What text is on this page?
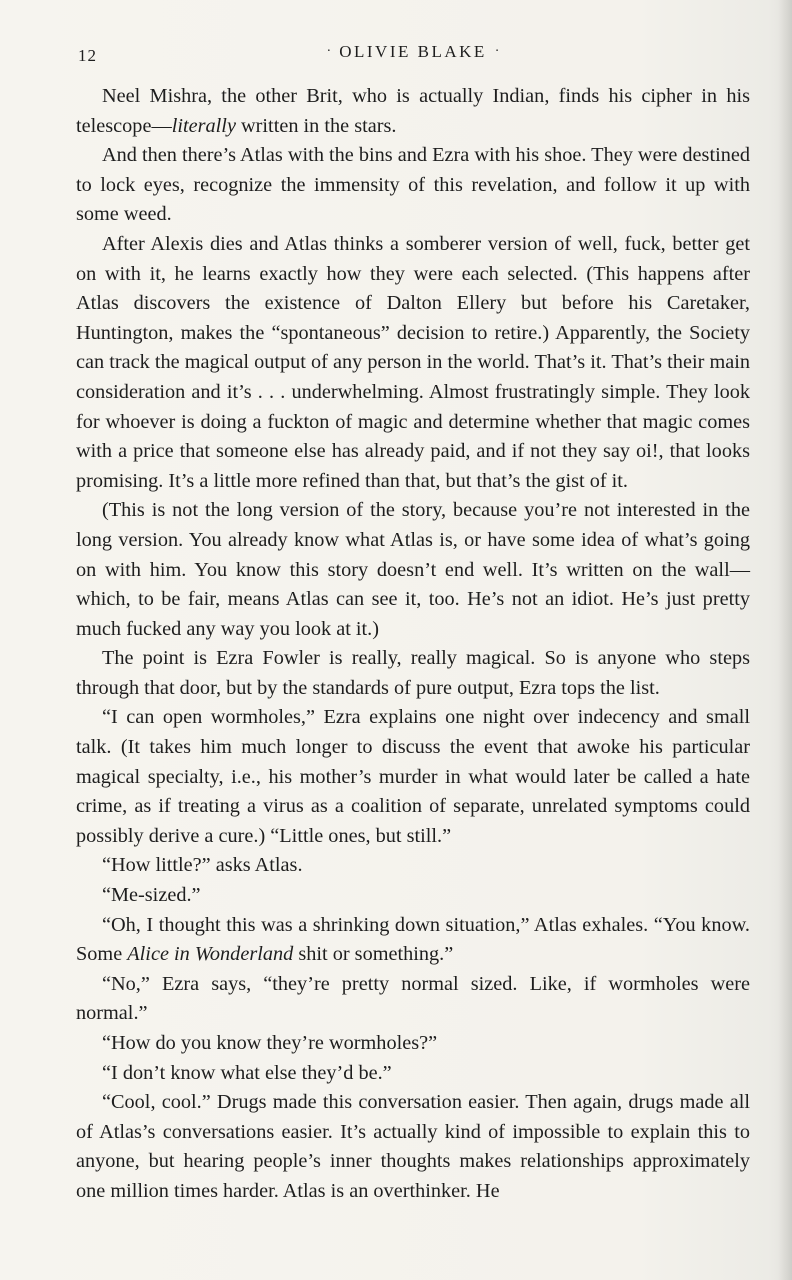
12	· OLIVIE BLAKE ·

Neel Mishra, the other Brit, who is actually Indian, finds his cipher in his telescope—literally written in the stars.

And then there’s Atlas with the bins and Ezra with his shoe. They were destined to lock eyes, recognize the immensity of this revelation, and follow it up with some weed.

After Alexis dies and Atlas thinks a somberer version of well, fuck, better get on with it, he learns exactly how they were each selected. (This happens after Atlas discovers the existence of Dalton Ellery but before his Caretaker, Huntington, makes the “spontaneous” decision to retire.) Apparently, the Society can track the magical output of any person in the world. That’s it. That’s their main consideration and it’s . . . underwhelming. Almost frustratingly simple. They look for whoever is doing a fuckton of magic and determine whether that magic comes with a price that someone else has already paid, and if not they say oi!, that looks promising. It’s a little more refined than that, but that’s the gist of it.

(This is not the long version of the story, because you’re not interested in the long version. You already know what Atlas is, or have some idea of what’s going on with him. You know this story doesn’t end well. It’s written on the wall—which, to be fair, means Atlas can see it, too. He’s not an idiot. He’s just pretty much fucked any way you look at it.)

The point is Ezra Fowler is really, really magical. So is anyone who steps through that door, but by the standards of pure output, Ezra tops the list.

“I can open wormholes,” Ezra explains one night over indecency and small talk. (It takes him much longer to discuss the event that awoke his particular magical specialty, i.e., his mother’s murder in what would later be called a hate crime, as if treating a virus as a coalition of separate, unrelated symptoms could possibly derive a cure.) “Little ones, but still.”

“How little?” asks Atlas.

“Me-sized.”

“Oh, I thought this was a shrinking down situation,” Atlas exhales. “You know. Some Alice in Wonderland shit or something.”

“No,” Ezra says, “they’re pretty normal sized. Like, if wormholes were normal.”

“How do you know they’re wormholes?”

“I don’t know what else they’d be.”

“Cool, cool.” Drugs made this conversation easier. Then again, drugs made all of Atlas’s conversations easier. It’s actually kind of impossible to explain this to anyone, but hearing people’s inner thoughts makes relationships approximately one million times harder. Atlas is an overthinker. He
